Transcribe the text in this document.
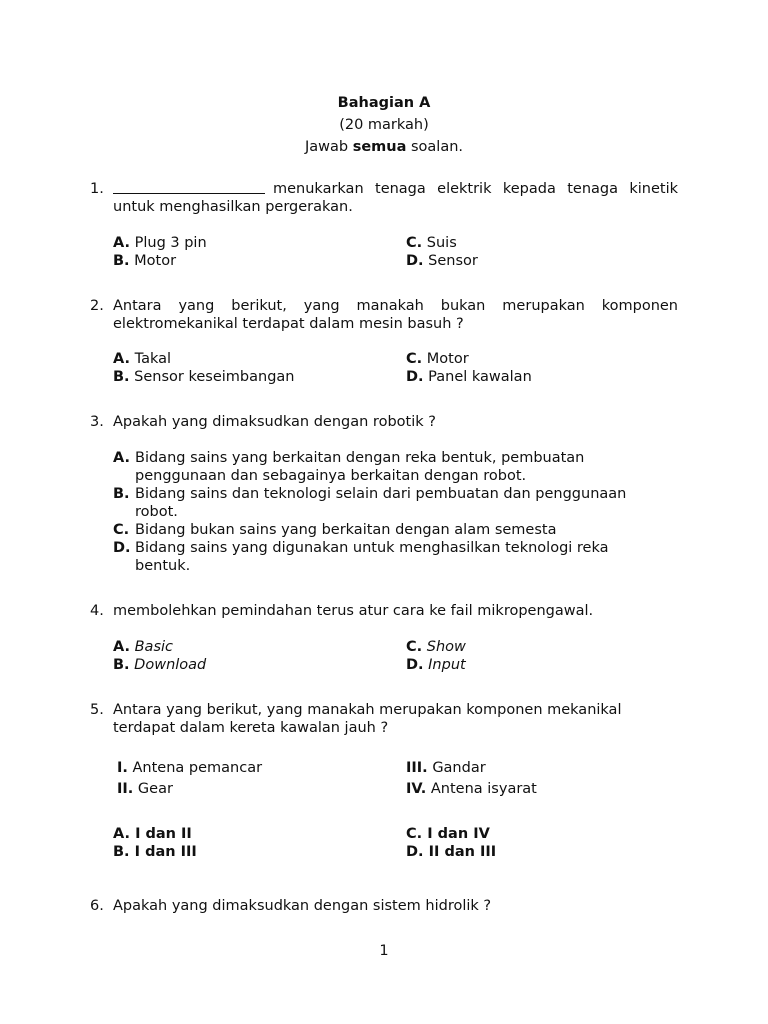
Bahagian A
(20 markah)
Jawab semua soalan.
1.	menukarkan tenaga elektrik kepada tenaga kinetik
untuk menghasilkan pergerakan.
A. Plug 3 pin
B. Motor
C. Suis
D. Sensor
2. Antara yang berikut, yang manakah bukan merupakan komponen
elektromekanikal terdapat dalam mesin basuh ?
A. Takal
B. Sensor keseimbangan
C. Motor
D. Panel kawalan
3. Apakah yang dimaksudkan dengan robotik ?
A. Bidang sains yang berkaitan dengan reka bentuk, pembuatan
penggunaan dan sebagainya berkaitan dengan robot.
B. Bidang sains dan teknologi selain dari pembuatan dan penggunaan
robot.
C. Bidang bukan sains yang berkaitan dengan alam semesta
D. Bidang sains yang digunakan untuk menghasilkan teknologi reka
bentuk.
4. membolehkan pemindahan terus atur cara ke fail mikropengawal.
A. Basic
B. Download
C. Show
D. Input
5. Antara yang berikut, yang manakah merupakan komponen mekanikal
terdapat dalam kereta kawalan jauh ?
I. Antena pemancar
II. Gear
III. Gandar
IV. Antena isyarat
A. I dan II
B. I dan III
C. I dan IV
D. II dan III
6. Apakah yang dimaksudkan dengan sistem hidrolik ?
1
